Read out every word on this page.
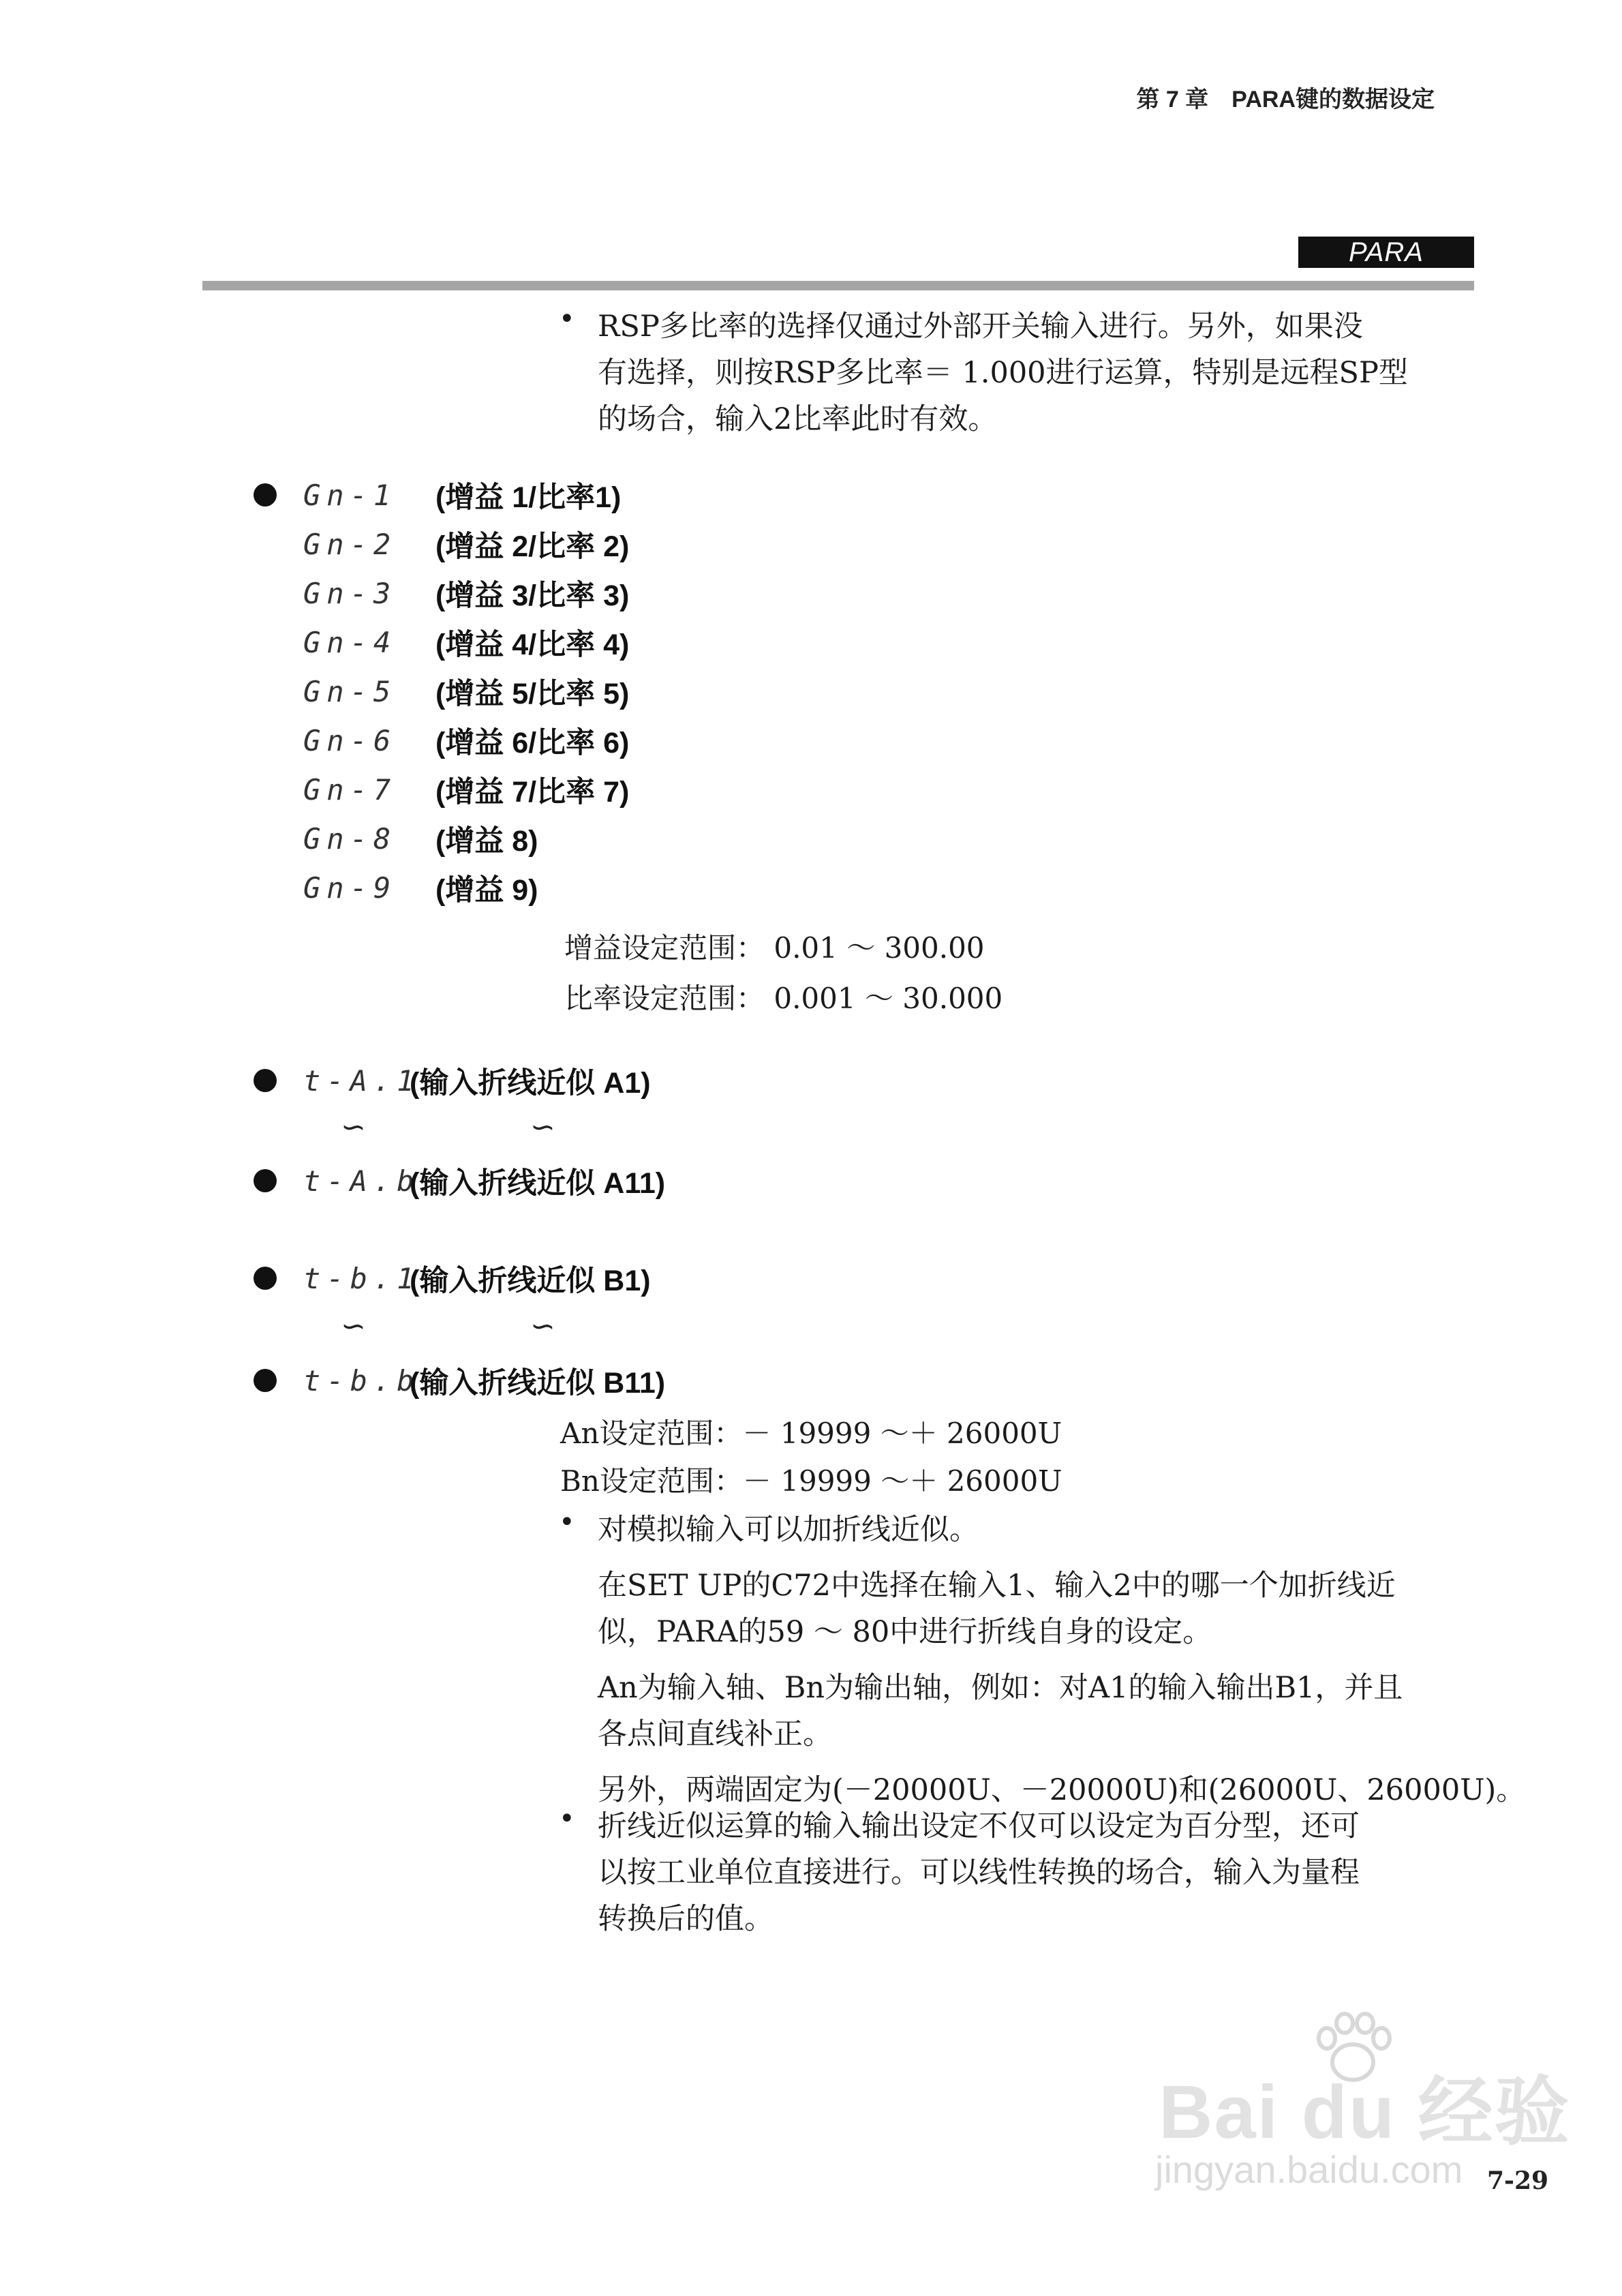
第 7 章　PARA键的数据设定
PARA
• RSP多比率的选择仅通过外部开关输入进行。另外，如果没
有选择，则按RSP多比率＝ 1.000进行运算，特别是远程SP型
的场合，输入2比率此时有效。
Gn-1	(增益 1/比率1)
Gn-2	(增益 2/比率 2)
Gn-3	(增益 3/比率 3)
Gn-4	(增益 4/比率 4)
Gn-5	(增益 5/比率 5)
Gn-6	(增益 6/比率 6)
Gn-7	(增益 7/比率 7)
Gn-8	(增益 8)
Gn-9	(增益 9)
增益设定范围： 0.01 ～ 300.00
比率设定范围： 0.001 ～ 30.000
t-A.1
(输入折线近似 A1)
∽	∽
t-A.b
(输入折线近似 A11)
t-b.1
(输入折线近似 B1)
∽	∽
t-b.b
(输入折线近似 B11)
An设定范围：－ 19999 ～＋ 26000U
Bn设定范围：－ 19999 ～＋ 26000U
• 对模拟输入可以加折线近似。
在SET UP的C72中选择在输入1、输入2中的哪一个加折线近
似，PARA的59 ～ 80中进行折线自身的设定。
An为输入轴、Bn为输出轴，例如：对A1的输入输出B1，并且
各点间直线补正。
另外，两端固定为(－20000U、－20000U)和(26000U、26000U)。
• 折线近似运算的输入输出设定不仅可以设定为百分型，还可
以按工业单位直接进行。可以线性转换的场合，输入为量程
转换后的值。
Bai du 经验
jingyan.baidu.com 7-29
